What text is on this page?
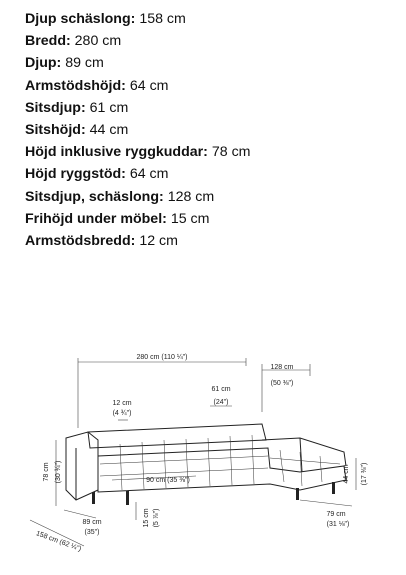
Djup schäslong: 158 cm
Bredd: 280 cm
Djup: 89 cm
Armstödshöjd: 64 cm
Sitsdjup: 61 cm
Sitshöjd: 44 cm
Höjd inklusive ryggkuddar: 78 cm
Höjd ryggstöd: 64 cm
Sitsdjup, schäslong: 128 cm
Frihöjd under möbel: 15 cm
Armstödsbredd: 12 cm
280 cm (110 ¼")
128 cm
(50 ⅜")
61 cm
(24")
12 cm
(4 ¾")
90 cm (35 ⅜")
78 cm (30 ¾")	44 cm (17 ⅜")
89 cm
(35")
158 cm (62 ¼")
15 cm (5 ⅞")	79 cm
(31 ⅛")
